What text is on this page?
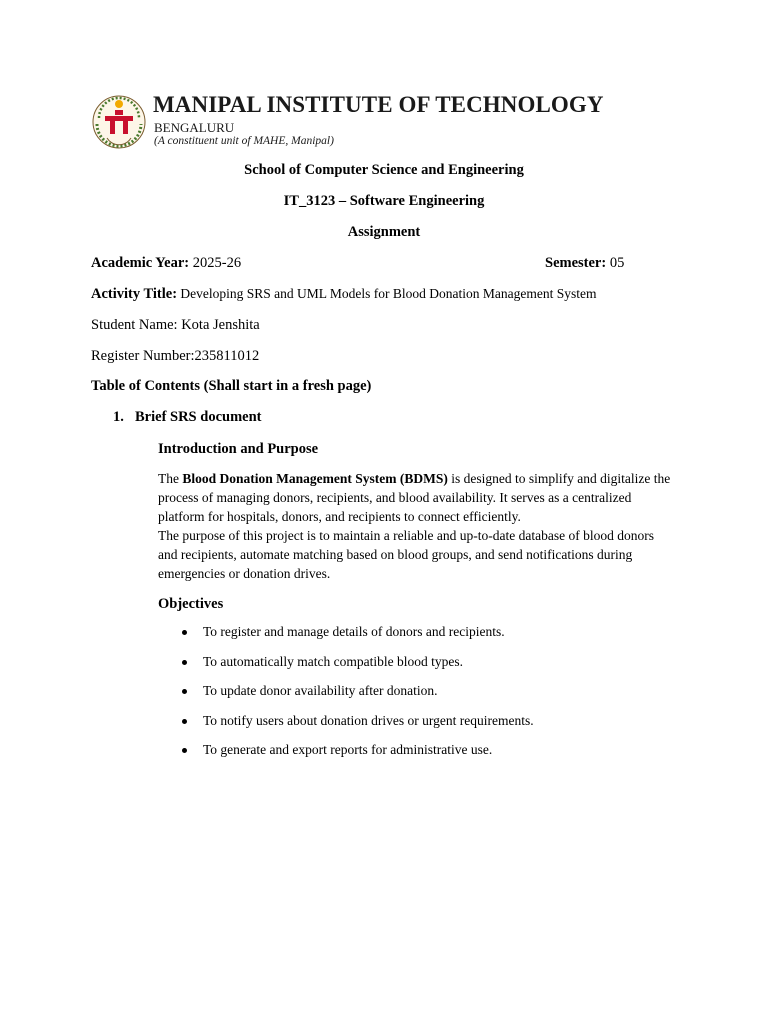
MANIPAL INSTITUTE OF TECHNOLOGY
BENGALURU
(A constituent unit of MAHE, Manipal)
School of Computer Science and Engineering
IT_3123 – Software Engineering
Assignment
Academic Year: 2025-26	Semester: 05
Activity Title: Developing SRS and UML Models for Blood Donation Management System
Student Name: Kota Jenshita
Register Number:235811012
Table of Contents (Shall start in a fresh page)
1. Brief SRS document
Introduction and Purpose
The Blood Donation Management System (BDMS) is designed to simplify and digitalize the process of managing donors, recipients, and blood availability. It serves as a centralized platform for hospitals, donors, and recipients to connect efficiently.
The purpose of this project is to maintain a reliable and up-to-date database of blood donors and recipients, automate matching based on blood groups, and send notifications during emergencies or donation drives.
Objectives
To register and manage details of donors and recipients.
To automatically match compatible blood types.
To update donor availability after donation.
To notify users about donation drives or urgent requirements.
To generate and export reports for administrative use.
